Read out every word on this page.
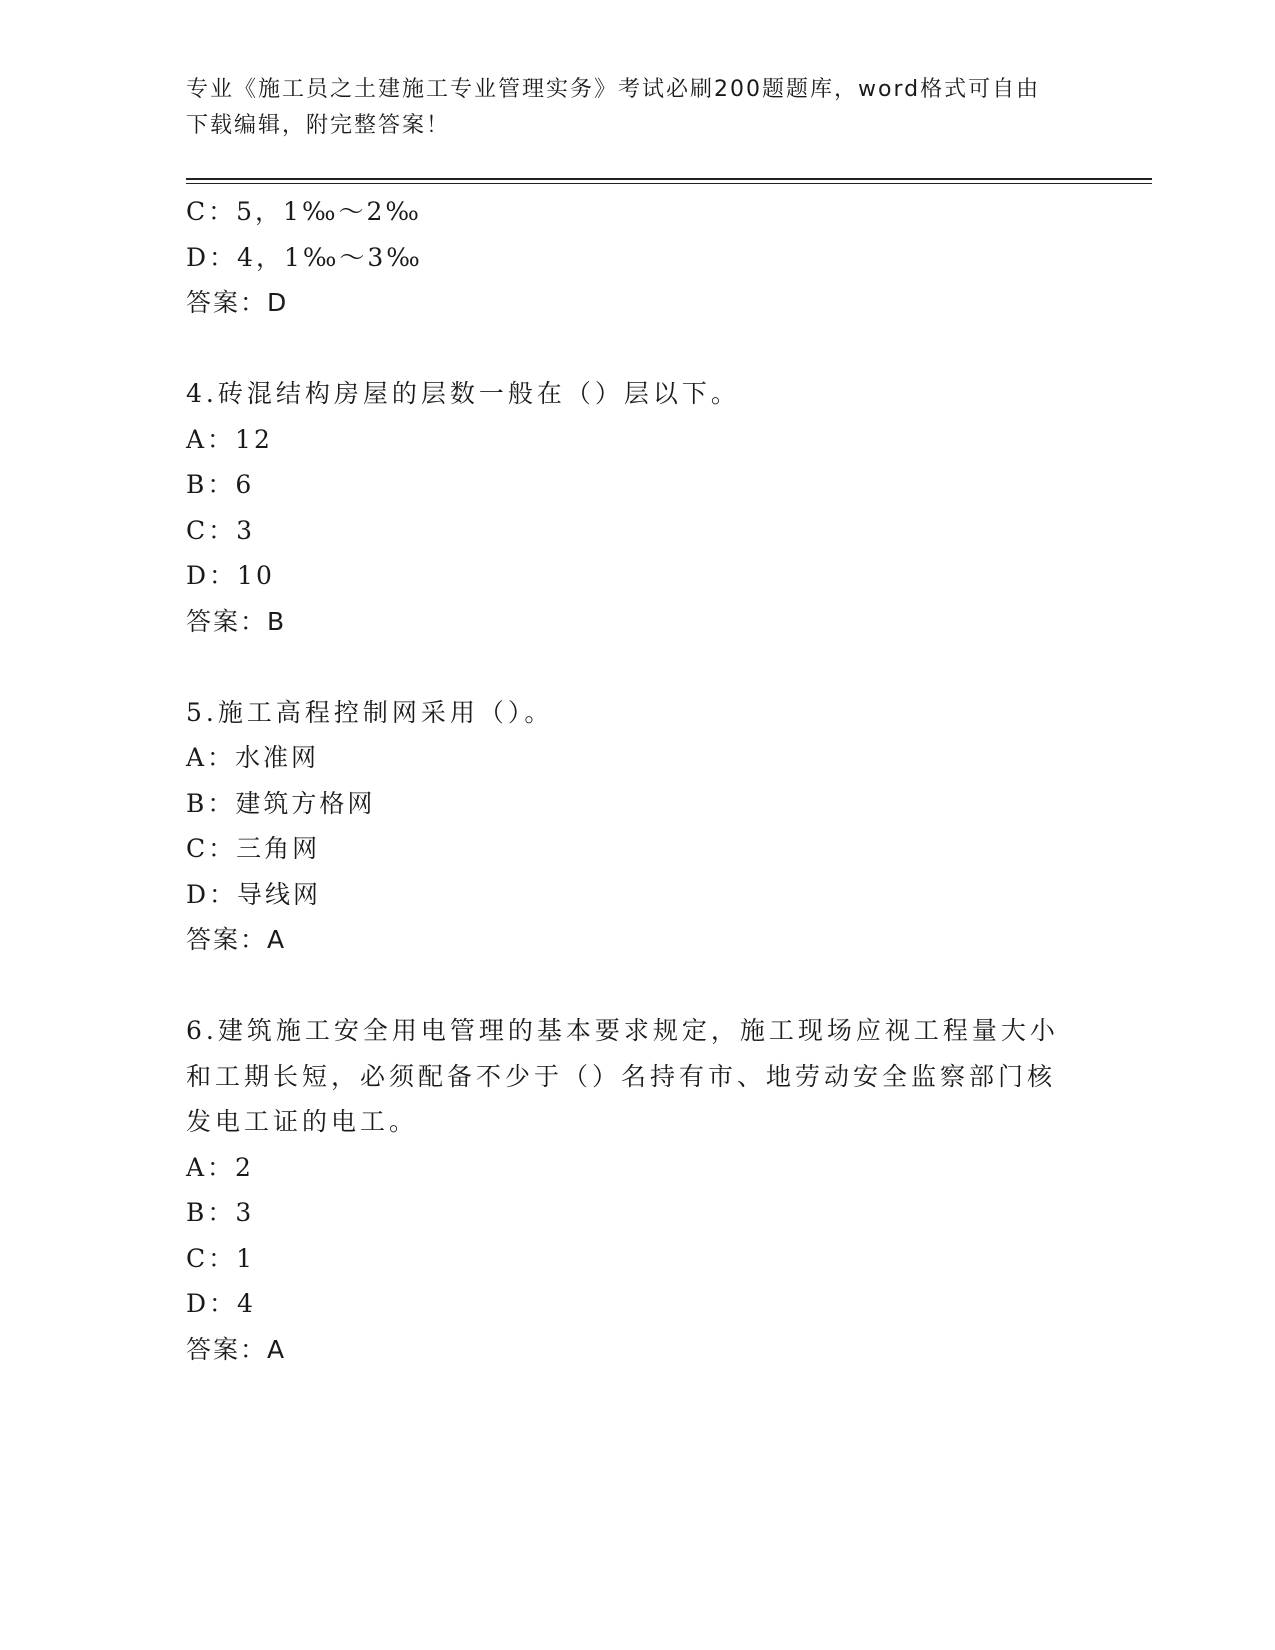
专业《施工员之土建施工专业管理实务》考试必刷200题题库，word格式可自由
下载编辑，附完整答案！
C：5，1‰～2‰
D：4，1‰～3‰
答案：D
4.砖混结构房屋的层数一般在（）层以下。
A：12
B：6
C：3
D：10
答案：B
5.施工高程控制网采用（）。
A：水准网
B：建筑方格网
C：三角网
D：导线网
答案：A
6.建筑施工安全用电管理的基本要求规定，施工现场应视工程量大小
和工期长短，必须配备不少于（）名持有市、地劳动安全监察部门核
发电工证的电工。
A：2
B：3
C：1
D：4
答案：A
